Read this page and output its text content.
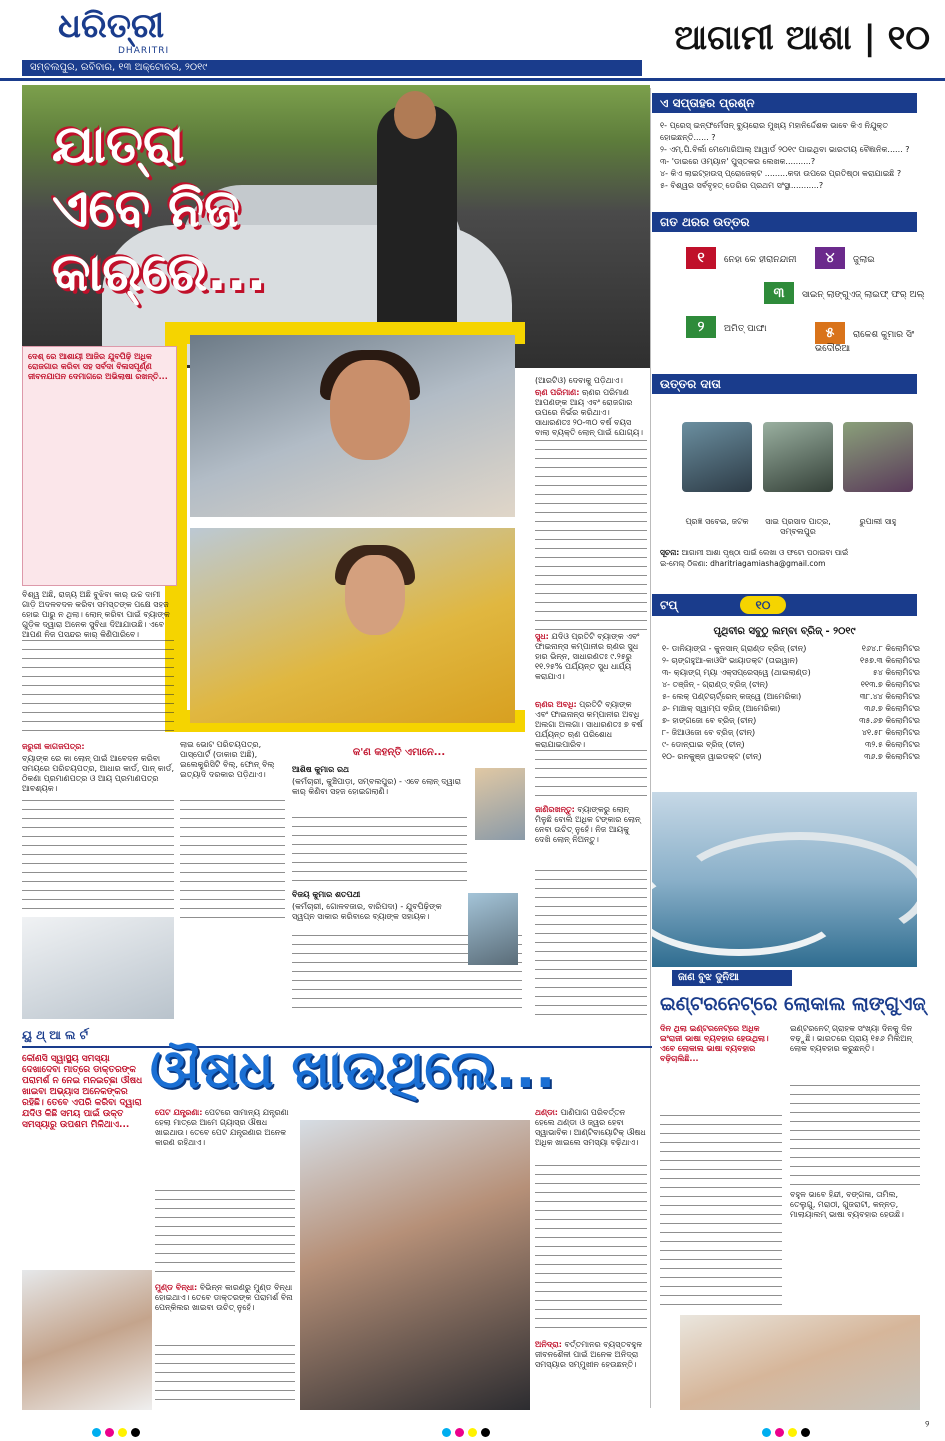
ଧରିତ୍ରୀ
DHARITRI	ଆଗାମୀ ଆଶା | ୧୦
ସମ୍ବଲପୁର, ରବିବାର, ୧୩ ଅକ୍ଟୋବର, ୨୦୧୯
ଯାତ୍ରା
ଏବେ ନିଜ
କାର୍‌ରେ...
ଦେଶ୍ ରେ ଆଶାୟୀ ଆଜିର ଯୁବପିଢ଼ି ଅଧିକ ରୋଜଗାର କରିବା ସହ ସର୍ବଦା ବିଳାସପୂର୍ଣ୍ଣ ଜୀବନଯାପନ ଦେମାଗରେ ଅଭିଲାଷା ରଖନ୍ତି...
ବିଶ୍ୱ ଅଛି, ରାଜ୍ୟ ଅଛି ବୁଝିବା କାର୍ ଉଚ୍ଚ ଦାମୀ ଗାଡ଼ି ଅଦଳବଦଳ କରିବା ସମସ୍ତଙ୍କ ପକ୍ଷେ ସହଜ ହୋଇ ପାରୁ ନ ଥିଲା। ଲୋନ୍ କରିବା ପାଇଁ ବ୍ୟାଙ୍କ ଗୁଡ଼ିକ ଦ୍ୱାରା ଅନେକ ସୁବିଧା ଦିଆଯାଉଛି। ଏବେ ଆପଣ ନିଜ ପସନ୍ଦର କାର୍ କିଣିପାରିବେ।
ଜରୁରୀ କାଗଜପତ୍ର:
ବ୍ୟାଙ୍କ ରେ କା ଲୋନ୍ ପାଇଁ ଆବେଦନ କରିବା ସମୟରେ ପରିଚୟପତ୍ର, ଆଧାର କାର୍ଡ, ପାନ୍ କାର୍ଡ, ଠିକଣା ପ୍ରମାଣପତ୍ର ଓ ଆୟ ପ୍ରମାଣପତ୍ର ଆବଶ୍ୟକ।
ଲାଇ ଭୋଟ ପରିଚୟପତ୍ର, ପାସ୍‌ପୋର୍ଟ (ଡାକାର ଅଛି), ଇଲେକ୍ଟ୍ରିସିଟି ବିଲ୍, ଫୋନ୍ ବିଲ୍ ଇତ୍ୟାଦି ଦରକାର ପଡ଼ିଥାଏ।
କ'ଣ କହନ୍ତି ଏମାନେ...
ଆଶିଷ କୁମାର ରଥ
(କର୍ମଚାରୀ, କୁଞ୍ଚିପାଡ଼ା, ସମ୍ବଲପୁର) - ଏବେ ଲୋନ୍ ଦ୍ୱାରା କାର୍ କିଣିବା ସହଜ ହୋଇଗଲାଣି।
ବିଜୟ କୁମାର ଶତପଥୀ
(କର୍ମଚାରୀ, ଗୋଳବଜାର, ବାରିପଦା) - ଯୁବପିଢ଼ିଙ୍କ ସ୍ୱପ୍ନ ସାକାର କରିବାରେ ବ୍ୟାଙ୍କ ସହାୟକ।
(ଆରଟିଓ) ଦେବାକୁ ପଡ଼ିଥାଏ।
ଋଣ ପରିମାଣ: ଋଣର ପରିମାଣ ଆପଣଙ୍କ ଆୟ ଏବଂ ରୋଜଗାର ଉପରେ ନିର୍ଭର କରିଥାଏ। ସାଧାରଣତଃ ୨୦-୩୦ ବର୍ଷ ବୟସ ବାଲା ବ୍ୟକ୍ତି ଲୋନ୍ ପାଇଁ ଯୋଗ୍ୟ।
ସୁଧ: ଯଦିଓ ପ୍ରତିଟି ବ୍ୟାଙ୍କ ଏବଂ ଫାଇନାନ୍ସ କମ୍ପାନୀର ଋଣର ସୁଧ ହାର ଭିନ୍ନ, ସାଧାରଣତଃ ୯.୨୫ରୁ ୧୧.୨୫% ପର୍ଯ୍ୟନ୍ତ ସୁଧ ଧାର୍ଯ୍ୟ କରାଯାଏ।
ଋଣର ଅବଧି: ପ୍ରତିଟି ବ୍ୟାଙ୍କ ଏବଂ ଫାଇନାନ୍ସ କମ୍ପାନୀର ଅବଧି ଅଲଗା ଅଲଗା। ସାଧାରଣତଃ ୭ ବର୍ଷ ପର୍ଯ୍ୟନ୍ତ ଋଣ ପରିଶୋଧ କରାଯାଇପାରିବ।
ଜାଣିରଖନ୍ତୁ: ବ୍ୟାଙ୍କରୁ ଲୋନ୍ ମିଳୁଛି ବୋଲି ଅଧିକ ଟଙ୍କାର ଲୋନ୍ ନେବା ଉଚିତ୍ ନୁହେଁ। ନିଜ ଆୟକୁ ଦେଖି ଲୋନ୍ ନିଅନ୍ତୁ।
ଏ ସପ୍ତାହର ପ୍ରଶ୍ନ
୧- ପ୍ରେସ୍ ଇନ୍‌ଫର୍ମେସନ୍ ବ୍ୟୁରୋର ମୁଖ୍ୟ ମହାନିର୍ଦ୍ଦେଶକ ଭାବେ କିଏ ନିଯୁକ୍ତ ହୋଇଛନ୍ତି...... ?
୨- ଏମ୍.ପି.ବିର୍ଲା ମେମୋରିଆଲ୍ ଆୱାର୍ଡ ୨୦୧୯ ପାଇଥିବା ଭାରତୀୟ ବୈଜ୍ଞାନିକ...... ?
୩- 'ଡାଇରେ ଓମ୍ୟାନ' ପୁସ୍ତକର ଲେଖକ..........?
୪- କିଏ ଲାଇଟ୍‌ହାଉସ୍ ପ୍ରୋଜେକ୍ଟ .........କଦା ଉପରେ ପ୍ରତିଷ୍ଠା କରାଯାଇଛି ?
୫- ବିଶ୍ୱର ସର୍ବବୃହତ୍ ଡେରିର ପ୍ରଥମ ସଂସ୍ଥା...........?
ଗତ ଥରର ଉତ୍ତର
୧ ନେହା କେ ହୀରାନନ୍ଦାନୀ	୪ ଜୁଲାଇ
୩ ସାଇନ୍ ଲାଙ୍ଗୁଏଜ୍ ଲାଇଫ୍ ଫର୍ ଅଲ୍
୨ ଅମିତ୍ ପାଙ୍ଘା	୫ ରାକେଶ କୁମାର ସିଂ ଭଦୌରିଆ
ଉତ୍ତର ଦାତା
ପ୍ରଜ୍ଞ ସବେଇ, ଜଟକ	ସାଇ ପ୍ରସାଦ ପାତ୍ର, ସମ୍ବଲପୁର
ରୁପାଲୀ ସାହୁ
ସୂଚନା: ଆଗାମୀ ଆଶା ପୃଷ୍ଠା ପାଇଁ ଲେଖା ଓ ଫଟୋ ପଠାଇବା ପାଇଁ
ଇ-ମେଲ୍ ଠିକଣା: dharitriagamiasha@gmail.com
ଟପ୍	୧୦
ପୃଥିବୀର ସବୁଠୁ ଲମ୍ବା ବ୍ରିଜ୍ - ୨୦୧୯
୧- ଡାନିୟାଙ୍ଗ - କୁନସାନ୍ ଗ୍ରାଣ୍ଡ ବ୍ରିଜ୍ (ଚୀନ୍)	୧୬୪.୮ କିଲୋମିଟର
୨- ଚାଙ୍ଗହୁଆ-କାଓସିଂ ଭାୟାଡକ୍ଟ (ତାଇୱାନ)	୧୫୭.୩ କିଲୋମିଟର
୩- କ୍ୟାଙ୍ଗ୍ ମ୍ୟା ଏକ୍ସପ୍ରେସ୍‌ୱେ (ଥାଇଲାଣ୍ଡ)	୫୪ କିଲୋମିଟର
୪- ତଞ୍ଜିନ୍ - ଗ୍ରାଣ୍ଡ୍ ବ୍ରିଜ୍ (ଚୀନ୍)	୧୧୩.୭ କିଲୋମିଟର
୫- ଲେକ୍ ପଣ୍ଟଚାର୍ଟ୍ରେନ୍ କଜ୍‌ୱେ (ଆମେରିକା)	୩୮.୪୪ କିଲୋମିଟର
୬- ମାଞ୍ଚାକ୍ ସ୍ୱାମ୍ପ ବ୍ରିଜ୍ (ଆମେରିକା)	୩୬.୭ କିଲୋମିଟର
୭- ହାଙ୍ଗଜୋ ବେ ବ୍ରିଜ୍ (ଚୀନ୍)	୩୫.୬୭ କିଲୋମିଟର
୮- ଜିଆଓଜୋ ବେ ବ୍ରିଜ୍ (ଚୀନ୍)	୪୧.୫୮ କିଲୋମିଟର
୯- ଡୋନ୍‌ଘାଇ ବ୍ରିଜ୍ (ଚୀନ୍)	୩୨.୫ କିଲୋମିଟର
୧୦- ରନକୁଞ୍ଜ ୱାଇଡକ୍ଟ (ଚୀନ୍)	୩୬.୭ କିଲୋମିଟର
ଜାଣ ବୁଝ ଦୁନିଆ
ଇଣ୍ଟରନେଟ୍‌ରେ ଲୋକାଲ ଲାଙ୍ଗୁଏଜ୍
ଦିନ ଥିଲା ଇଣ୍ଟରନେଟ୍‌ରେ ଅଧିକ ଇଂରାଜୀ ଭାଷା ବ୍ୟବହାର ହେଉଥିଲା। ଏବେ ଲୋକାଲ ଭାଷା ବ୍ୟବହାର ବଢ଼ିଚାଲିଛି...
ଇଣ୍ଟରନେଟ୍ ଗ୍ରାହକ ସଂଖ୍ୟା ଦିନକୁ ଦିନ ବଢ଼ୁଛି। ଭାରତରେ ପ୍ରାୟ ୧୫୬ ମିଲିଅନ୍ ଲୋକ ବ୍ୟବହାର କରୁଛନ୍ତି।
ବହୁଳ ଭାବେ ହିନ୍ଦୀ, ବଙ୍ଗଳା, ତାମିଲ, ତେଲୁଗୁ, ମରାଠୀ, ଗୁଜରାଟୀ, କନ୍ନଡ଼, ମାଲାୟାଲମ୍ ଭାଷା ବ୍ୟବହାର ହେଉଛି।
ୟୁ ଥ୍ ଆ ଲ ର୍ଟ
ଔଷଧ ଖାଉଥିଲେ...
କୌଣସି ସ୍ୱାସ୍ଥ୍ୟ ସମସ୍ୟା ଦେଖାଦେବା ମାତ୍ରେ ଡାକ୍ତରଙ୍କ ପରାମର୍ଶ ନ ନେଇ ମନଇଚ୍ଛା ଔଷଧ ଖାଇବା ଅଭ୍ୟାସ ଅନେକଙ୍କର ରହିଛି। ତେବେ ଏପରି କରିବା ଦ୍ୱାରା ଯଦିଓ କିଛି ସମୟ ପାଇଁ ଉକ୍ତ ସମସ୍ୟାରୁ ଉପଶମ ମିଳିଥାଏ...
ପେଟ ଯନ୍ତ୍ରଣା: ପେଟରେ ସାମାନ୍ୟ ଯନ୍ତ୍ରଣା ହେଲା ମାତ୍ରେ ଆମେ ଗ୍ୟାସ୍‌ର ଔଷଧ ଖାଇଥାଉ। ତେବେ ପେଟ ଯନ୍ତ୍ରଣାର ଅନେକ କାରଣ ରହିଥାଏ।
ମୁଣ୍ଡ ବିନ୍ଧା: ବିଭିନ୍ନ କାରଣରୁ ମୁଣ୍ଡ ବିନ୍ଧା ହୋଇଥାଏ। ତେବେ ଡାକ୍ତରଙ୍କ ପରାମର୍ଶ ବିନା ପେନ୍‌କିଲର ଖାଇବା ଉଚିତ୍ ନୁହେଁ।
ଥଣ୍ଡା: ପାଣିପାଗ ପରିବର୍ତ୍ତନ ହେଲେ ଥଣ୍ଡା ଓ ଜ୍ୱର ହେବା ସ୍ୱାଭାବିକ। ଆଣ୍ଟିବାୟୋଟିକ୍ ଔଷଧ ଅଧିକ ଖାଇଲେ ସମସ୍ୟା ବଢ଼ିଥାଏ।
ଅନିଦ୍ରା: ବର୍ତ୍ତମାନର ବ୍ୟସ୍ତବହୁଳ ଜୀବନଶୈଳୀ ପାଇଁ ଅନେକ ଅନିଦ୍ରା ସମସ୍ୟାର ସମ୍ମୁଖୀନ ହେଉଛନ୍ତି।
୨
